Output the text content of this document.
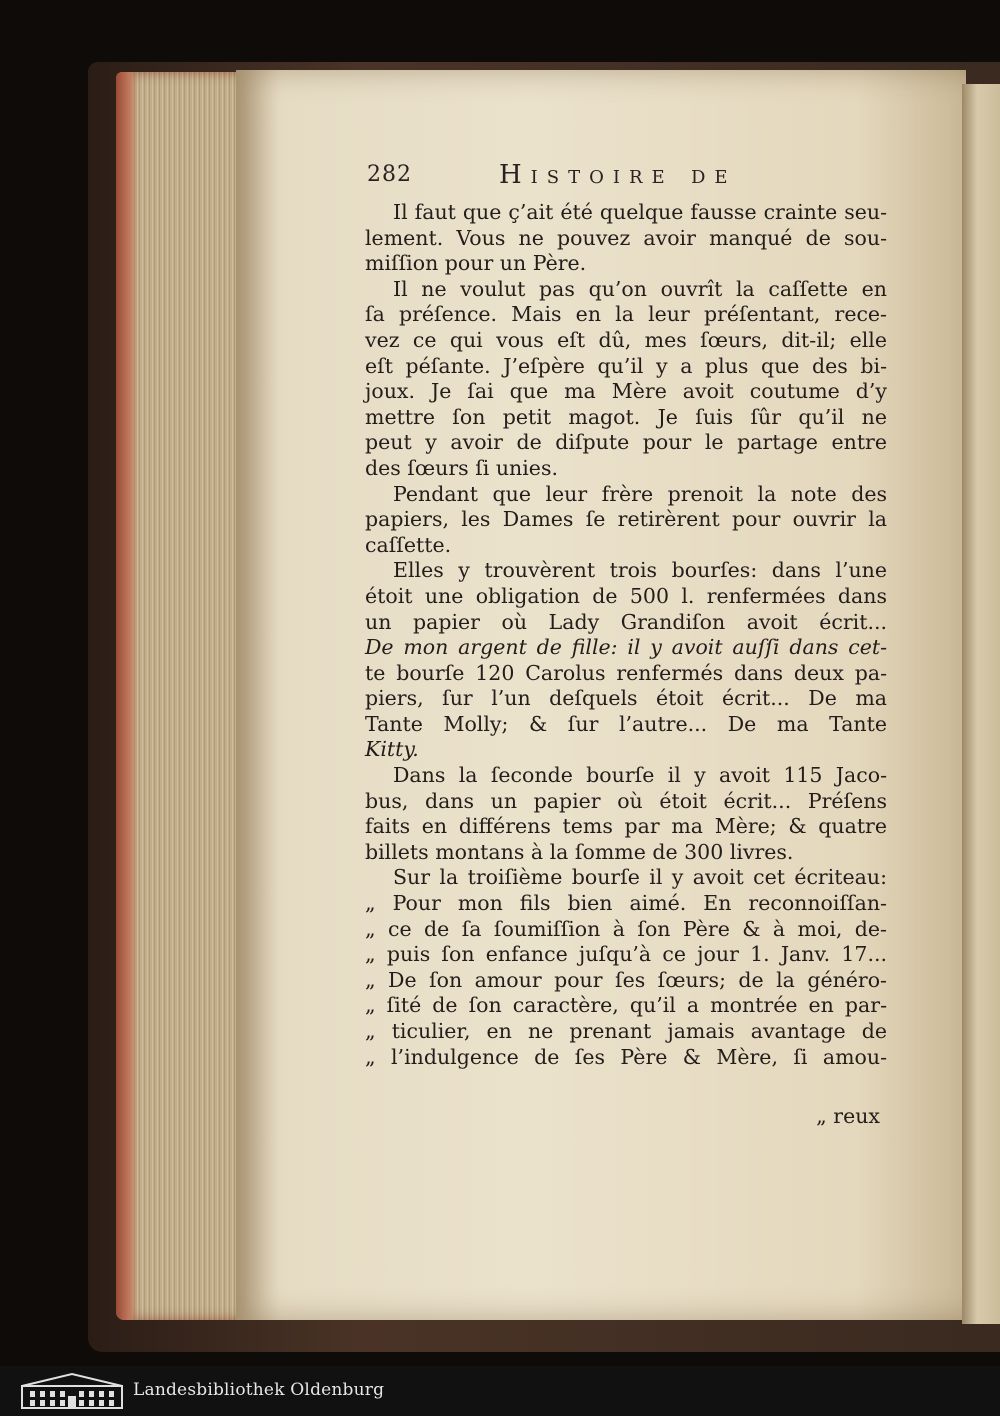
282	Histoire de

Il faut que ç’ait été quelque fausse crainte seu-
lement. Vous ne pouvez avoir manqué de sou-
miſſion pour un Père.

Il ne voulut pas qu’on ouvrît la caſſette en
ſa préſence. Mais en la leur préſentant, rece-
vez ce qui vous eſt dû, mes ſœurs, dit-il; elle
eſt péſante. J’eſpère qu’il y a plus que des bi-
joux. Je ſai que ma Mère avoit coutume d’y
mettre ſon petit magot. Je ſuis ſûr qu’il ne
peut y avoir de diſpute pour le partage entre
des ſœurs ſi unies.

Pendant que leur frère prenoit la note des
papiers, les Dames ſe retirèrent pour ouvrir la
caſſette.

Elles y trouvèrent trois bourſes: dans l’une
étoit une obligation de 500 l. renfermées dans
un papier où Lady Grandiſon avoit écrit...
De mon argent de fille: il y avoit auſſi dans cet-
te bourſe 120 Carolus renfermés dans deux pa-
piers, ſur l’un deſquels étoit écrit... De ma
Tante Molly; & ſur l’autre... De ma Tante
Kitty.

Dans la ſeconde bourſe il y avoit 115 Jaco-
bus, dans un papier où étoit écrit... Préſens
faits en différens tems par ma Mère; & quatre
billets montans à la ſomme de 300 livres.

Sur la troiſième bourſe il y avoit cet écriteau:
„ Pour mon fils bien aimé. En reconnoiſſan-
„ ce de ſa ſoumiſſion à ſon Père & à moi, de-
„ puis ſon enfance juſqu’à ce jour 1. Janv. 17...
„ De ſon amour pour ſes ſœurs; de la généro-
„ ſité de ſon caractère, qu’il a montrée en par-
„ ticulier, en ne prenant jamais avantage de
„ l’indulgence de ſes Père & Mère, ſi amou-

„ reux
Landesbibliothek Oldenburg
